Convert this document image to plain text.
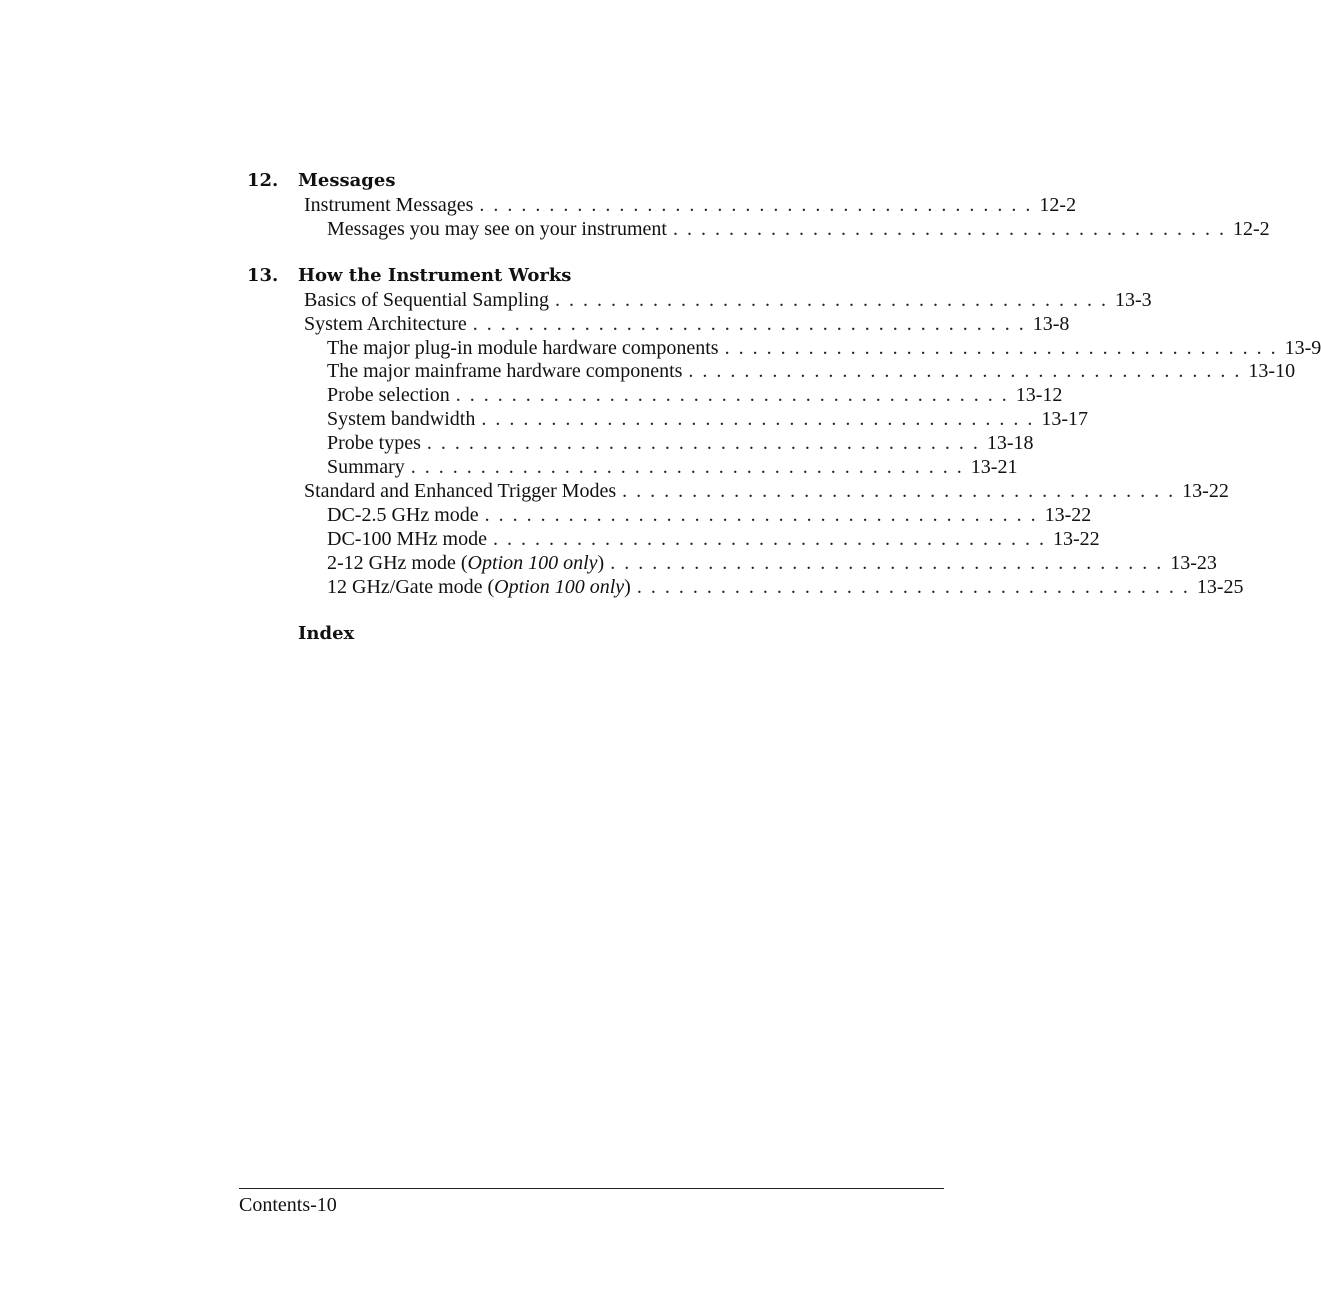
12. Messages
Instrument Messages ........................................ 12-2
Messages you may see on your instrument ........................................ 12-2
13. How the Instrument Works
Basics of Sequential Sampling ........................................ 13-3
System Architecture ........................................ 13-8
The major plug-in module hardware components ........................................ 13-9
The major mainframe hardware components ........................................ 13-10
Probe selection ........................................ 13-12
System bandwidth ........................................ 13-17
Probe types ........................................ 13-18
Summary ........................................ 13-21
Standard and Enhanced Trigger Modes ........................................ 13-22
DC-2.5 GHz mode ........................................ 13-22
DC-100 MHz mode ........................................ 13-22
2-12 GHz mode (Option 100 only) ........................................ 13-23
12 GHz/Gate mode (Option 100 only) ........................................ 13-25
Index
Contents-10
